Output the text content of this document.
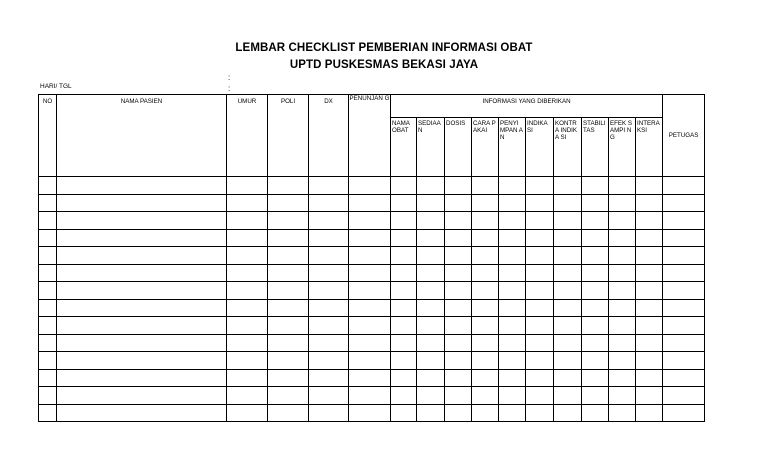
LEMBAR CHECKLIST PEMBERIAN INFORMASI OBAT
UPTD PUSKESMAS BEKASI JAYA
:
:
HARI/ TGL
NO	NAMA PASIEN	UMUR	POLI	DX	PENUNJAN G	INFORMASI YANG DIBERIKAN										PETUGAS
						NAMA OBAT	SEDIAA N	DOSIS	CARA PAKAI	PENYI MPAN AN	INDIKA SI	KONTR A INDIKA SI	STABILI TAS	EFEK SAMPI NG	INTERA KSI	
